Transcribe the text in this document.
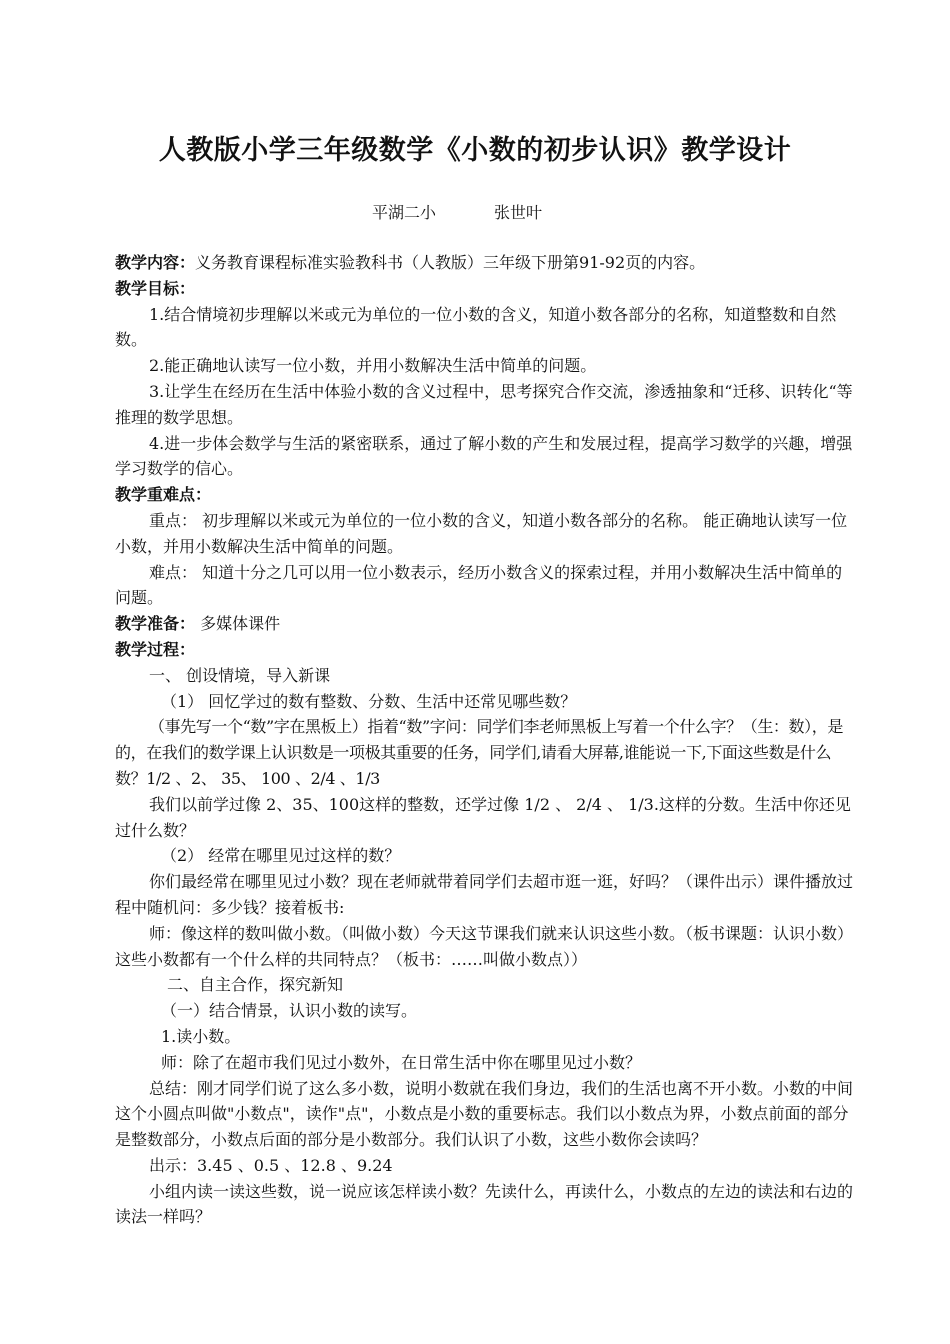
人教版小学三年级数学《小数的初步认识》教学设计
平湖二小	张世叶

教学内容：义务教育课程标准实验教科书（人教版）三年级下册第91-92页的内容。

教学目标：

1.结合情境初步理解以米或元为单位的一位小数的含义，知道小数各部分的名称，知道整数和自然数。

2.能正确地认读写一位小数，并用小数解决生活中简单的问题。

3.让学生在经历在生活中体验小数的含义过程中，思考探究合作交流，渗透抽象和“迁移、识转化“等推理的数学思想。

4.进一步体会数学与生活的紧密联系，通过了解小数的产生和发展过程，提高学习数学的兴趣，增强学习数学的信心。

教学重难点：

重点： 初步理解以米或元为单位的一位小数的含义，知道小数各部分的名称。 能正确地认读写一位小数，并用小数解决生活中简单的问题。

难点： 知道十分之几可以用一位小数表示，经历小数含义的探索过程，并用小数解决生活中简单的问题。

教学准备： 多媒体课件

教学过程：

一、 创设情境，导入新课

（1） 回忆学过的数有整数、分数、生活中还常见哪些数？

（事先写一个“数”字在黑板上）指着“数”字问：同学们李老师黑板上写着一个什么字？（生：数），是的，在我们的数学课上认识数是一项极其重要的任务，同学们,请看大屏幕,谁能说一下,下面这些数是什么数？1/2 、2、 35、 100 、2/4 、1/3

我们以前学过像 2、35、100这样的整数，还学过像 1/2 、 2/4 、 1/3.这样的分数。生活中你还见过什么数？

（2） 经常在哪里见过这样的数？

你们最经常在哪里见过小数？现在老师就带着同学们去超市逛一逛，好吗？（课件出示）课件播放过程中随机问：多少钱？接着板书:

师：像这样的数叫做小数。（叫做小数）今天这节课我们就来认识这些小数。（板书课题：认识小数）这些小数都有一个什么样的共同特点？（板书：……叫做小数点））

二、自主合作，探究新知

（一）结合情景，认识小数的读写。

1.读小数。

师：除了在超市我们见过小数外，在日常生活中你在哪里见过小数？

总结：刚才同学们说了这么多小数，说明小数就在我们身边，我们的生活也离不开小数。小数的中间这个小圆点叫做"小数点"，读作"点"，小数点是小数的重要标志。我们以小数点为界，小数点前面的部分是整数部分，小数点后面的部分是小数部分。我们认识了小数，这些小数你会读吗？

出示：3.45 、0.5 、12.8 、9.24

小组内读一读这些数，说一说应该怎样读小数？先读什么，再读什么，小数点的左边的读法和右边的读法一样吗？
